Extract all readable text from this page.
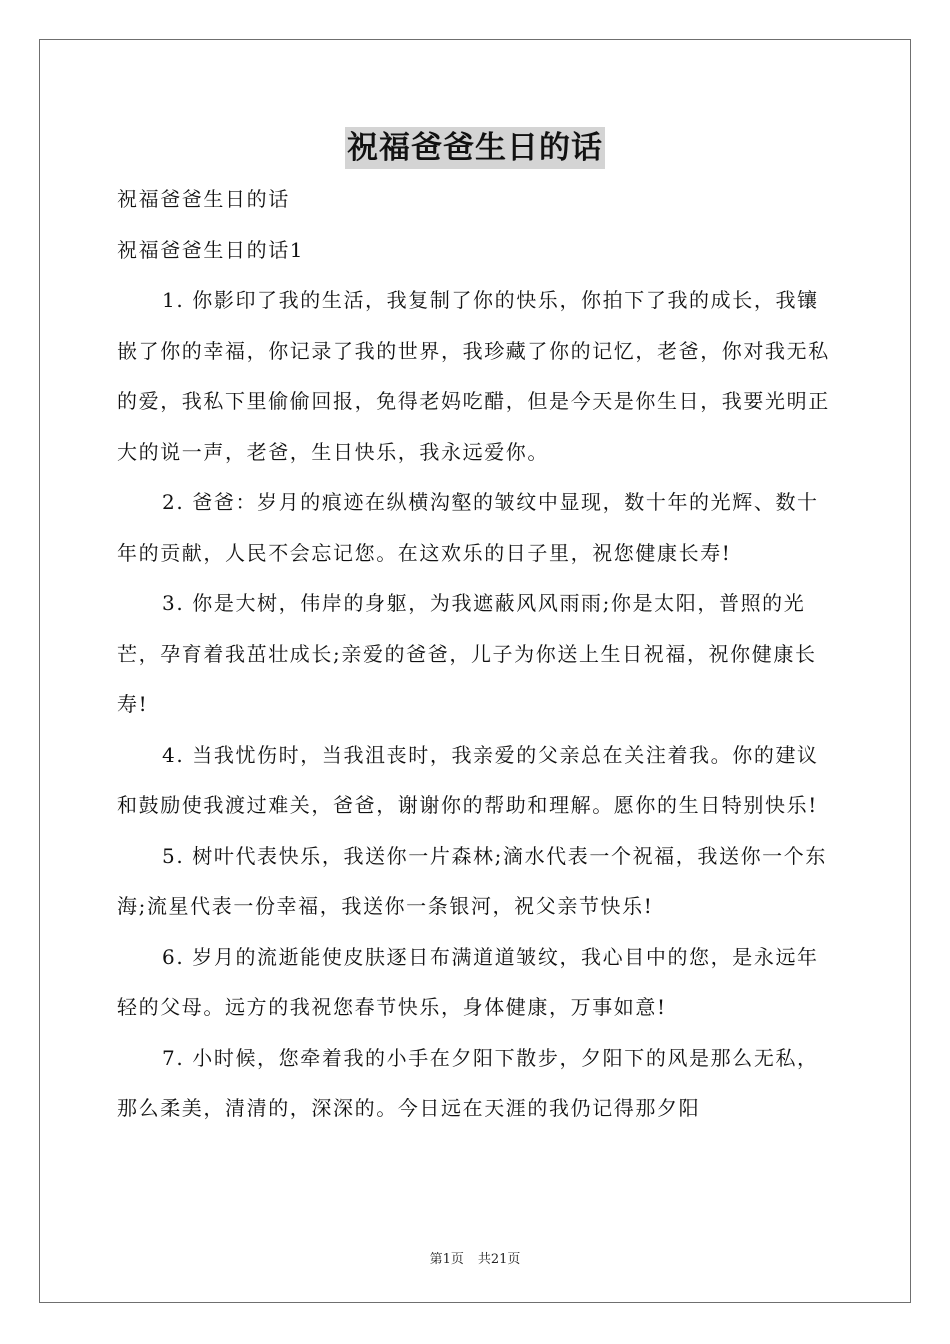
祝福爸爸生日的话

祝福爸爸生日的话

祝福爸爸生日的话1

1. 你影印了我的生活，我复制了你的快乐，你拍下了我的成长，我镶嵌了你的幸福，你记录了我的世界，我珍藏了你的记忆，老爸，你对我无私的爱，我私下里偷偷回报，免得老妈吃醋，但是今天是你生日，我要光明正大的说一声，老爸，生日快乐，我永远爱你。

2. 爸爸：岁月的痕迹在纵横沟壑的皱纹中显现，数十年的光辉、数十年的贡献，人民不会忘记您。在这欢乐的日子里，祝您健康长寿!

3. 你是大树，伟岸的身躯，为我遮蔽风风雨雨;你是太阳，普照的光芒，孕育着我茁壮成长;亲爱的爸爸，儿子为你送上生日祝福，祝你健康长寿!

4. 当我忧伤时，当我沮丧时，我亲爱的父亲总在关注着我。你的建议和鼓励使我渡过难关，爸爸，谢谢你的帮助和理解。愿你的生日特别快乐!

5. 树叶代表快乐，我送你一片森林;滴水代表一个祝福，我送你一个东海;流星代表一份幸福，我送你一条银河，祝父亲节快乐!

6. 岁月的流逝能使皮肤逐日布满道道皱纹，我心目中的您，是永远年轻的父母。远方的我祝您春节快乐，身体健康，万事如意!

7. 小时候，您牵着我的小手在夕阳下散步，夕阳下的风是那么无私，那么柔美，清清的，深深的。今日远在天涯的我仍记得那夕阳

第1页 共21页
